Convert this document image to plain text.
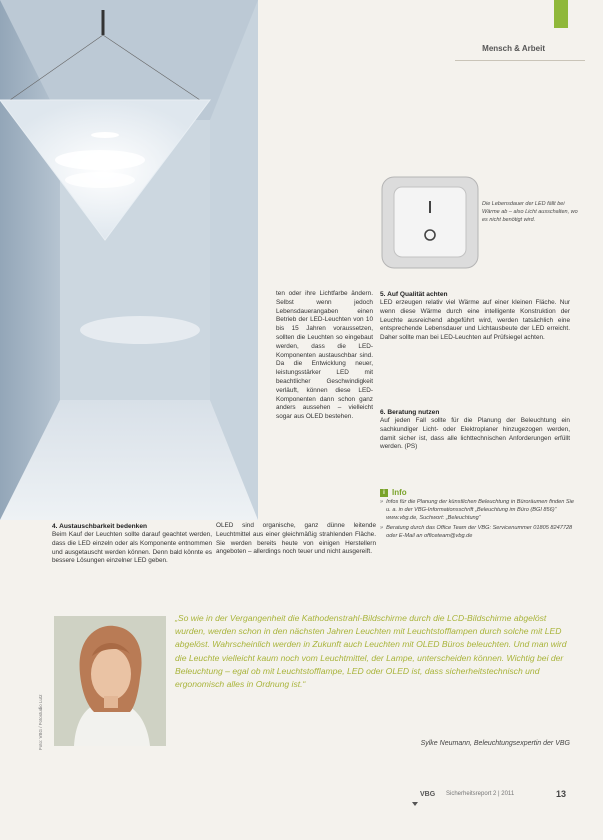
Mensch & Arbeit
Die Lebensdauer der LED fällt bei Wärme ab – also Licht ausschalten, wo es nicht benötigt wird.

ten oder ihre Lichtfarbe ändern. Selbst wenn jedoch Lebensdauerangaben einen Betrieb der LED-Leuchten von 10 bis 15 Jahren voraussetzen, sollten die Leuchten so eingebaut werden, dass die LED-Komponenten austauschbar sind. Da die Entwicklung neuer, leistungsstärker LED mit beachtlicher Geschwindigkeit verläuft, können diese LED-Komponenten dann schon ganz anders aussehen – vielleicht sogar aus OLED bestehen.

5. Auf Qualität achten

LED erzeugen relativ viel Wärme auf einer kleinen Fläche. Nur wenn diese Wärme durch eine intelligente Konstruktion der Leuchte ausreichend abgeführt wird, werden tatsächlich eine entsprechende Lebensdauer und Lichtausbeute der LED erreicht. Daher sollte man bei LED-Leuchten auf Prüfsiegel achten.

6. Beratung nutzen

Auf jeden Fall sollte für die Planung der Beleuchtung ein sachkundiger Licht- oder Elektroplaner hinzugezogen werden, damit sicher ist, dass alle lichttechnischen Anforderungen erfüllt werden. (PS)

i Info
» Infos für die Planung der künstlichen Beleuchtung in Büroräumen finden Sie u. a. in der VBG-Informationsschrift „Beleuchtung im Büro (BGI 856)“ www.vbg.de, Suchwort: „Beleuchtung“
» Beratung durch das Office Team der VBG: Servicenummer 01805 8247728 oder E-Mail an officeteam@vbg.de
4. Austauschbarkeit bedenken

Beim Kauf der Leuchten sollte darauf geachtet werden, dass die LED einzeln oder als Komponente entnommen und ausgetauscht werden können. Denn bald könnte es bessere Lösungen einzelner LED geben.

OLED sind organische, ganz dünne leitende Leuchtmittel aus einer gleichmäßig strahlenden Fläche. Sie werden bereits heute von einigen Herstellern angeboten – allerdings noch teuer und nicht ausgereift.

Foto: VBG / Fotostudio Lutz
„So wie in der Vergangenheit die Kathodenstrahl-Bildschirme durch die LCD-Bildschirme abgelöst wurden, werden schon in den nächsten Jahren Leuchten mit Leuchtstofflampen durch solche mit LED abgelöst. Wahrscheinlich werden in Zukunft auch Leuchten mit OLED Büros beleuchten. Und man wird die Leuchte vielleicht kaum noch vom Leuchtmittel, der Lampe, unterscheiden können. Wichtig bei der Beleuchtung – egal ob mit Leuchtstofflampe, LED oder OLED ist, dass sicherheitstechnisch und ergonomisch alles in Ordnung ist.“
Sylke Neumann, Beleuchtungsexpertin der VBG
VBG Sicherheitsreport 2 | 2011	13
